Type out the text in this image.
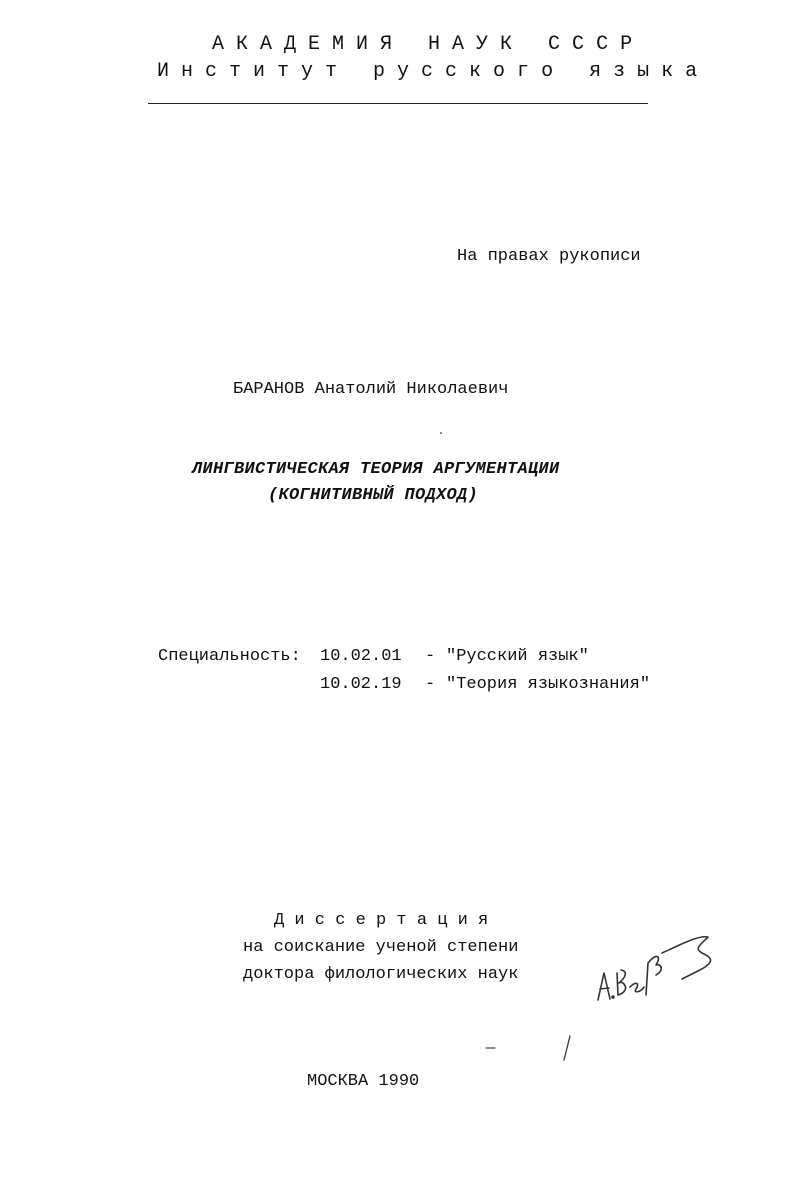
А К А Д Е М И Я   Н А У К   С С С Р
И н с т и т у т   р у с с к о г о   я з ы к а
На правах рукописи
БАРАНОВ Анатолий Николаевич
ЛИНГВИСТИЧЕСКАЯ ТЕОРИЯ АРГУМЕНТАЦИИ
(КОГНИТИВНЫЙ ПОДХОД)
Специальность: 10.02.01 - "Русский язык"
10.02.19 - "Теория языкознания"
Д и с с е р т а ц и я
на соискание ученой степени
доктора филологических наук
МОСКВА 1990
